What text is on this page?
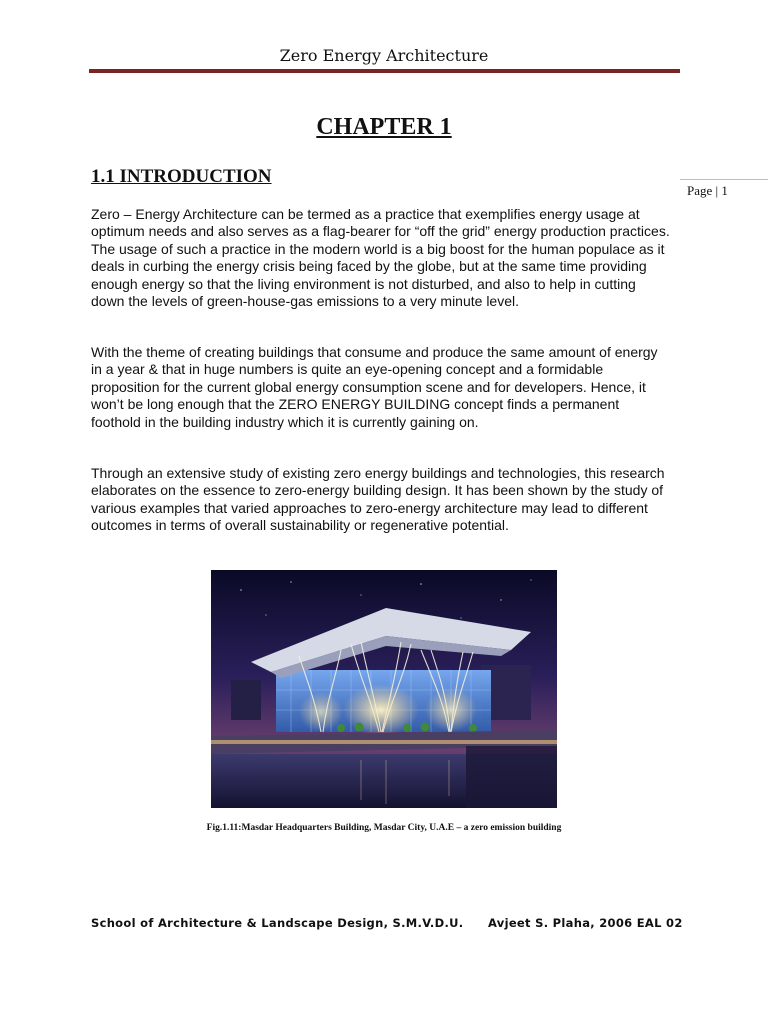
Zero Energy Architecture
CHAPTER 1
1.1 INTRODUCTION
Page | 1

Zero – Energy Architecture can be termed as a practice that exemplifies energy usage at optimum needs and also serves as a flag-bearer for “off the grid” energy production practices. The usage of such a practice in the modern world is a big boost for the human populace as it deals in curbing the energy crisis being faced by the globe, but at the same time providing enough energy so that the living environment is not disturbed, and also to help in cutting down the levels of green-house-gas emissions to a very minute level.

With the theme of creating buildings that consume and produce the same amount of energy in a year & that in huge numbers is quite an eye-opening concept and a formidable proposition for the current global energy consumption scene and for developers. Hence, it won’t be long enough that the ZERO ENERGY BUILDING concept finds a permanent foothold in the building industry which it is currently gaining on.

Through an extensive study of existing zero energy buildings and technologies, this research elaborates on the essence to zero-energy building design. It has been shown by the study of various examples that varied approaches to zero-energy architecture may lead to different outcomes in terms of overall sustainability or regenerative potential.

Fig.1.11:Masdar Headquarters Building, Masdar City, U.A.E – a zero emission building
School of Architecture & Landscape Design, S.M.V.D.U. Avjeet S. Plaha, 2006 EAL 02
